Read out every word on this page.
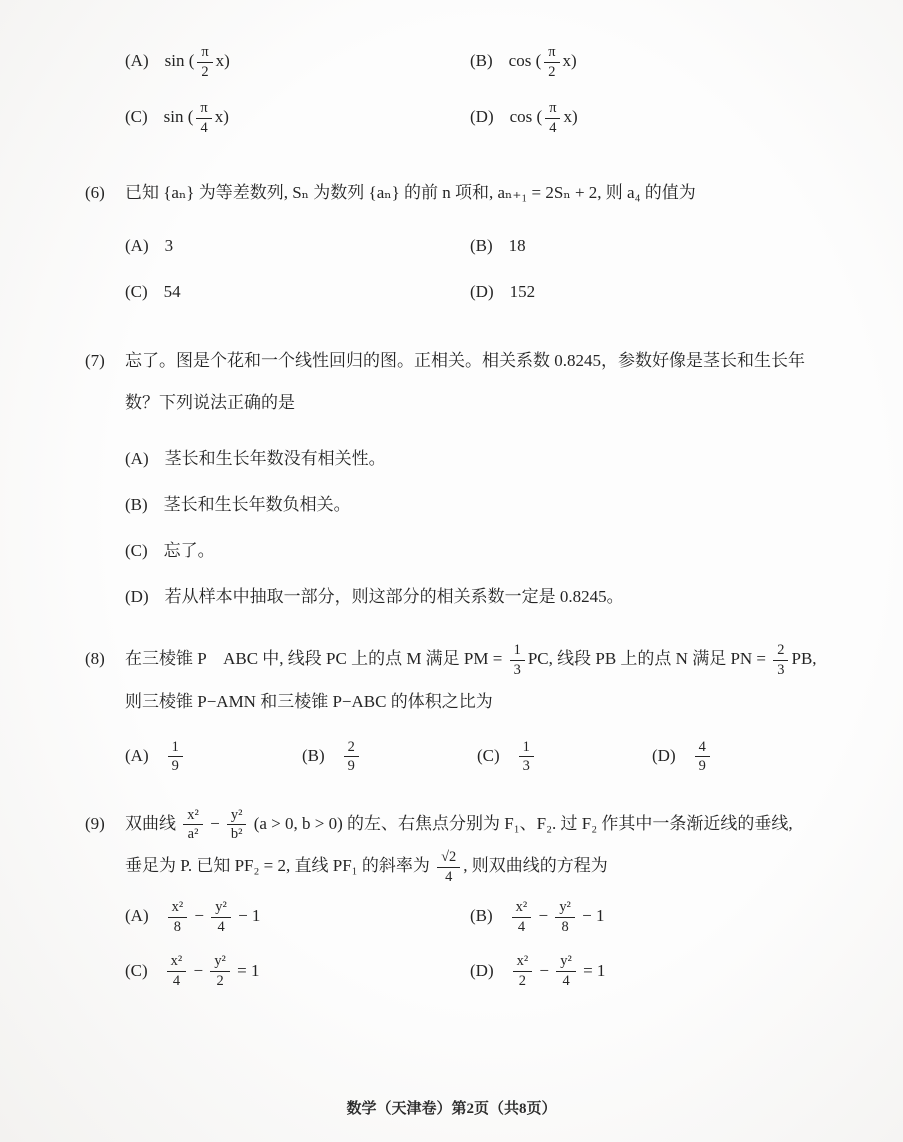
(A) sin ( $\frac{\pi}{2} x$)	(B) cos ( $\frac{\pi}{2} x$)
(C) sin ( $\frac{\pi}{4} x$)	(D) cos ( $\frac{\pi}{4} x$)
(6)	已知 {aₙ} 为等差数列, Sₙ 为数列 {aₙ} 的前 n 项和, aₙ₊₁ = 2Sₙ + 2, 则 a₄ 的值为
(A) 3	(B) 18
(C) 54	(D) 152
(7)	忘了。图是个花和一个线性回归的图。正相关。相关系数 0.8245，参数好像是茎长和生长年
数？下列说法正确的是
(A) 茎长和生长年数没有相关性。
(B) 茎长和生长年数负相关。
(C) 忘了。
(D) 若从样本中抽取一部分，则这部分的相关系数一定是 0.8245。
(8)	在三棱锥 P　ABC 中, 线段 PC 上的点 M 满足 PM = $\frac{1}{3}$ PC, 线段 PB 上的点 N 满足 PN = $\frac{2}{3}$ PB,
则三棱锥 P−AMN 和三棱锥 P−ABC 的体积之比为
$(A) \frac{1}{9}$	$(B) \frac{2}{9}$	$(C) \frac{1}{3}$	$(D) \frac{4}{9}$
(9)	双曲线 $\frac{\text{x²}}{\text{a²}} - \frac{\text{y²}}{\text{b²}} (a > 0$, b > 0) 的左、右焦点分别为 F₁、F₂. 过 F₂ 作其中一条渐近线的垂线,
垂足为 P. 已知 PF₂ = 2, 直线 PF₁ 的斜率为 $\frac{√2}{4}$ , 则双曲线的方程为
$(A) \frac{\text{x²}}{8} - \frac{\text{y²}}{4} - 1$	$(B) \frac{\text{x²}}{4} - \frac{\text{y²}}{8} - 1$
$(C) \frac{\text{x²}}{4} - \frac{\text{y²}}{2} = 1$	$(D) \frac{\text{x²}}{2} - \frac{\text{y²}}{4} = 1$
数学（天津卷）第2页（共8页）
